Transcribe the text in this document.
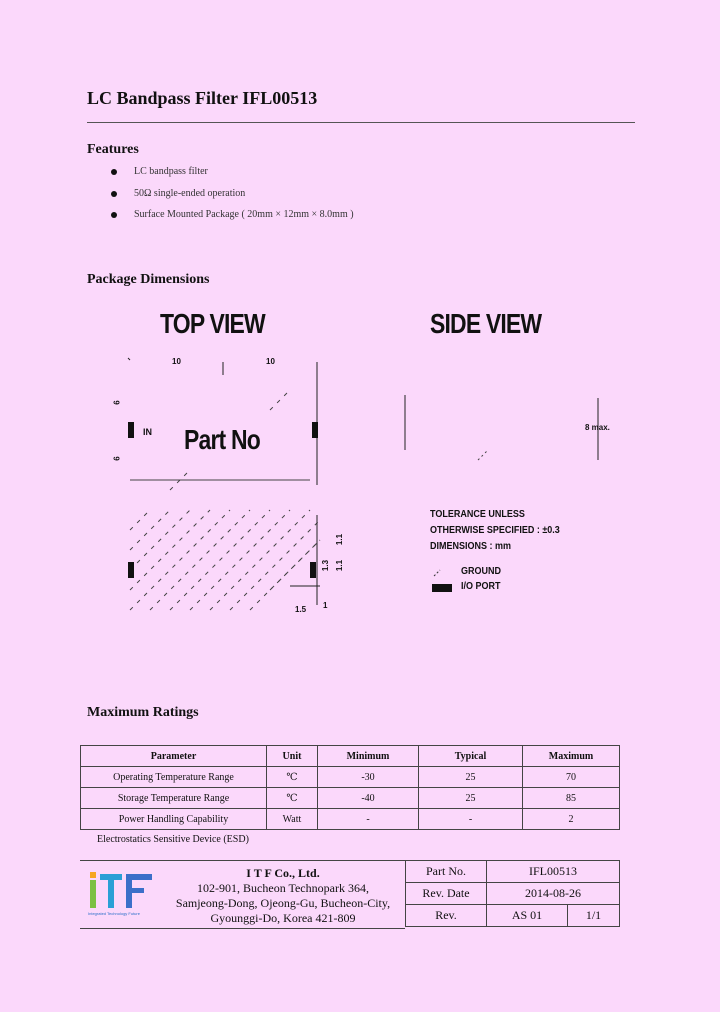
LC Bandpass Filter IFL00513
Features
LC bandpass filter
50Ω single-ended operation
Surface Mounted Package ( 20mm × 12mm × 8.0mm )
Package Dimensions
TOP VIEW	SIDE VIEW
10	10
6
6
IN Part No
1.1
1.1
1.3
1.5 1
8 max.
TOLERANCE UNLESS
OTHERWISE SPECIFIED : ±0.3
DIMENSIONS : mm
GROUND
I/O PORT
Maximum Ratings
Parameter	Unit	Minimum	Typical	Maximum
Operating Temperature Range	℃	-30	25	70
Storage Temperature Range	℃	-40	25	85
Power Handling Capability	Watt	-	-	2
Electrostatics Sensitive Device (ESD)
Integrated Technology Future
I T F Co., Ltd.
102-901, Bucheon Technopark 364,
Samjeong-Dong, Ojeong-Gu, Bucheon-City,
Gyounggi-Do, Korea 421-809
Part No.	IFL00513	
Rev. Date	2014-08-26	
Rev.	AS 01	1/1
